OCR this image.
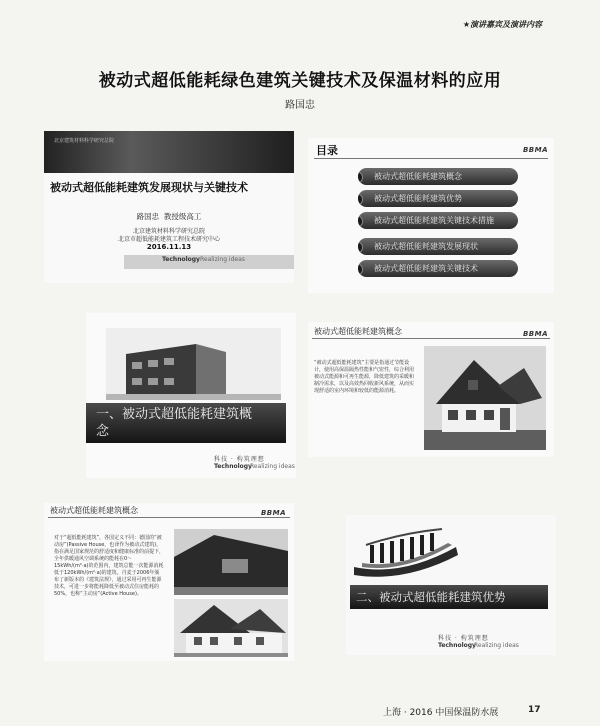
★演讲嘉宾及演讲内容
被动式超低能耗绿色建筑关键技术及保温材料的应用
路国忠
北京建筑材料科学研究总院
被动式超低能耗建筑发展现状与关键技术
路国忠  教授级高工
北京建筑材料科学研究总院
北京市超低能耗建筑工程技术研究中心
2016.11.13
Technology Realizing ideas
目录	BBMA
被动式超低能耗建筑概念
被动式超低能耗建筑优势
被动式超低能耗建筑关键技术措施
被动式超低能耗建筑发展现状
被动式超低能耗建筑关键技术
一、被动式超低能耗建筑概念
科技 · 构筑理想
Technology
Realizing ideas
被动式超低能耗建筑概念	BBMA
“被动式超低能耗建筑”主要是指通过节能设计，使用高保温隔热性能和气密性，综合利用被动式能源和可再生能源，降低建筑的采暖和制冷需求，以及高效热回收新风系统，从而实现舒适的室内环境和较低的能源消耗。
被动式超低能耗建筑概念	BBMA
对于“超低能耗建筑”，各国定义不同：德国的“被动房”(Passive House，也译作为被动式建筑)，指在满足国家规范的舒适度和健康标准的前提下，全年供暖通风空调系统的能耗在0～15kWh/(m²·a)的范围内，建筑总能一次能源消耗低于120kWh/(m²·a)的建筑。丹麦于2006年颁布了新版本的《建筑法规》，通过采用可再生能源技术，可进一步将能耗降低至被动式住房能耗的50%，也称“主动房”(Active House)。	二、被动式超低能耗建筑优势
科技 · 构筑理想
Technology
Realizing ideas
上海 · 2016 中国保温防水展	17
